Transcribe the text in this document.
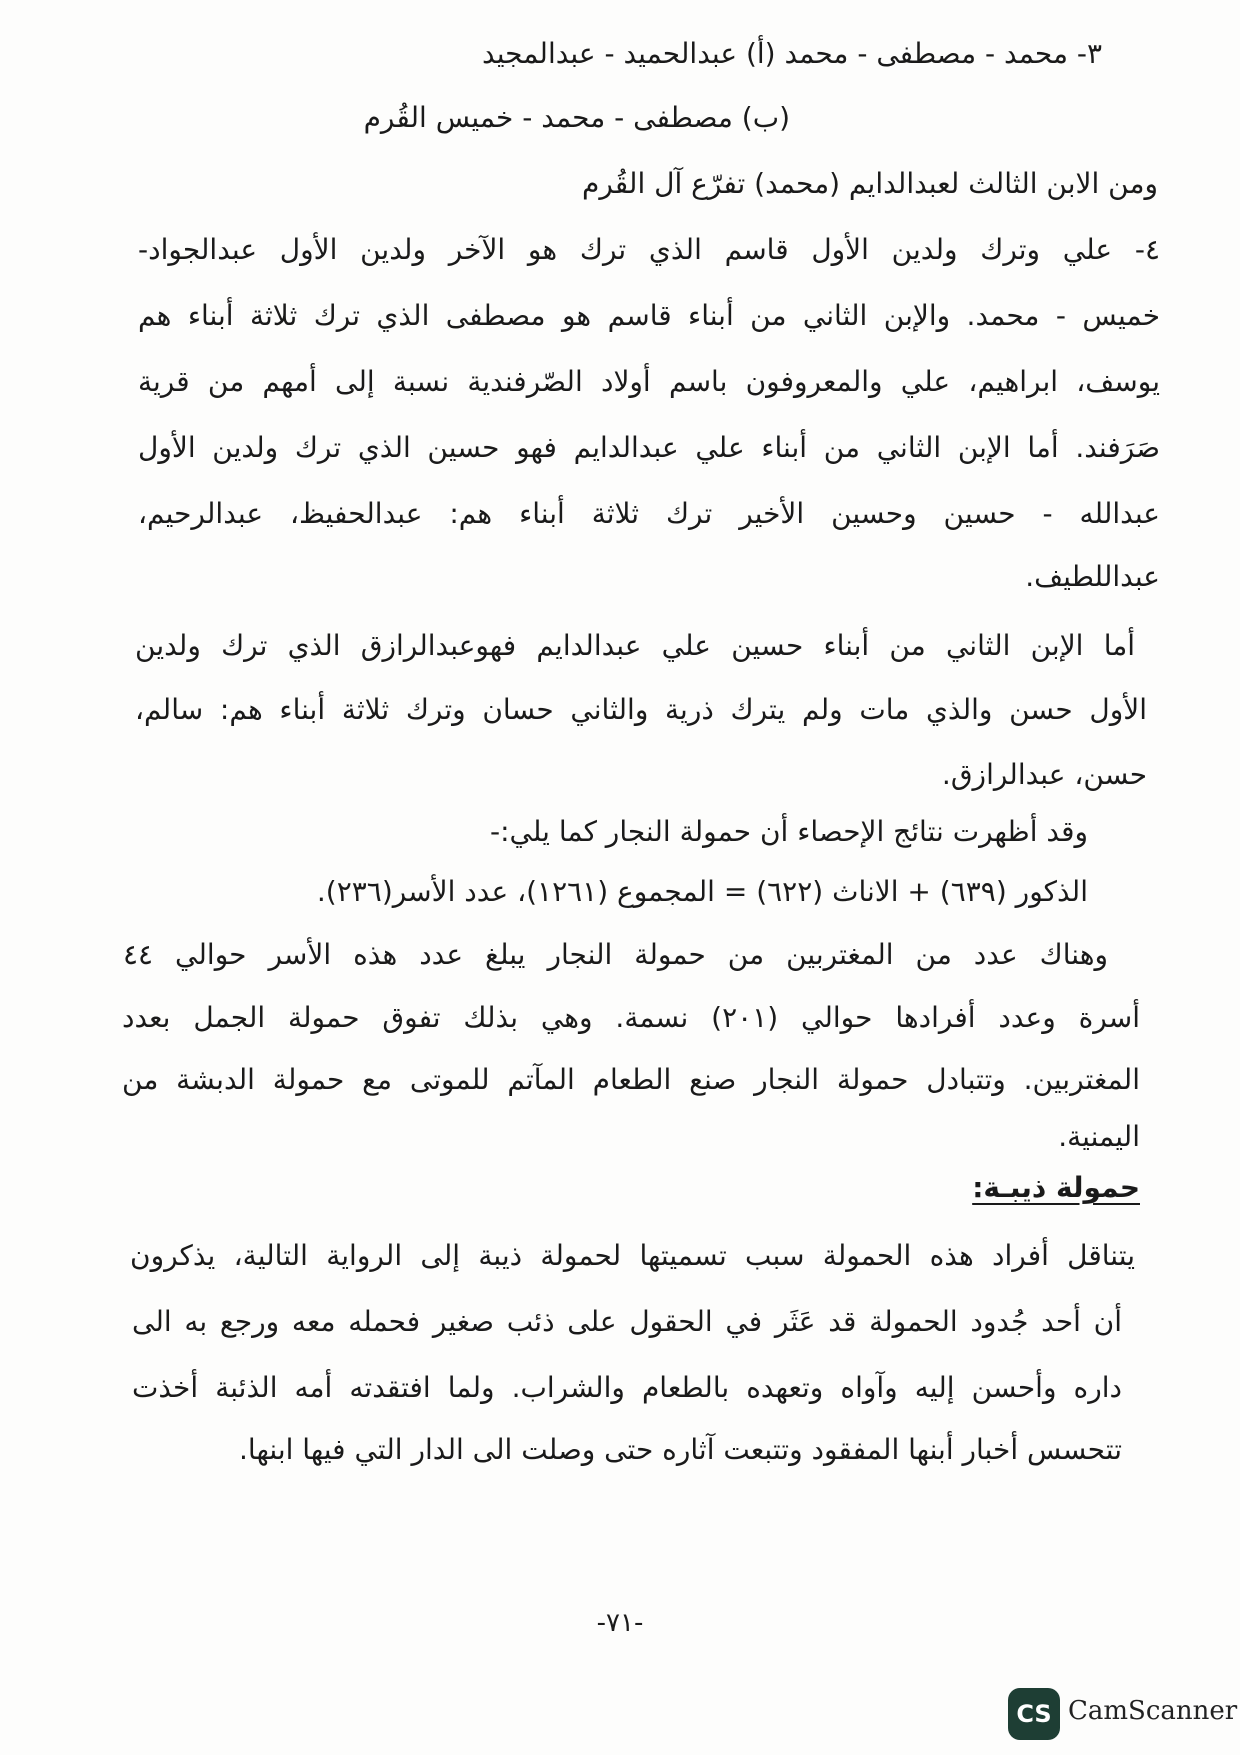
٣- محمد - مصطفى - محمد (أ) عبدالحميد - عبدالمجيد
(ب) مصطفى - محمد - خميس القُرم
ومن الابن الثالث لعبدالدايم (محمد) تفرّع آل القُرم
٤- علي وترك ولدين الأول قاسم الذي ترك هو الآخر ولدين الأول عبدالجواد-
خميس - محمد. والإبن الثاني من أبناء قاسم هو مصطفى الذي ترك ثلاثة أبناء هم
يوسف، ابراهيم، علي والمعروفون باسم أولاد الصّرفندية نسبة إلى أمهم من قرية
صَرَفند. أما الإبن الثاني من أبناء علي عبدالدايم فهو حسين الذي ترك ولدين الأول
عبدالله - حسين وحسين الأخير ترك ثلاثة أبناء هم: عبدالحفيظ، عبدالرحيم،
عبداللطيف.
أما الإبن الثاني من أبناء حسين علي عبدالدايم فهوعبدالرازق الذي ترك ولدين
الأول حسن والذي مات ولم يترك ذرية والثاني حسان وترك ثلاثة أبناء هم: سالم،
حسن، عبدالرازق.
وقد أظهرت نتائج الإحصاء أن حمولة النجار كما يلي:-
الذكور (٦٣٩) + الاناث (٦٢٢) = المجموع (١٢٦١)، عدد الأسر(٢٣٦).
وهناك عدد من المغتربين من حمولة النجار يبلغ عدد هذه الأسر حوالي ٤٤
أسرة وعدد أفرادها حوالي (٢٠١) نسمة. وهي بذلك تفوق حمولة الجمل بعدد
المغتربين. وتتبادل حمولة النجار صنع الطعام المآتم للموتى مع حمولة الدبشة من
اليمنية.
حمولة ذيبـة:
يتناقل أفراد هذه الحمولة سبب تسميتها لحمولة ذيبة إلى الرواية التالية، يذكرون
أن أحد جُدود الحمولة قد عَثَر في الحقول على ذئب صغير فحمله معه ورجع به الى
داره وأحسن إليه وآواه وتعهده بالطعام والشراب. ولما افتقدته أمه الذئبة أخذت
تتحسس أخبار أبنها المفقود وتتبعت آثاره حتى وصلت الى الدار التي فيها ابنها.
-٧١-
CS CamScanner
